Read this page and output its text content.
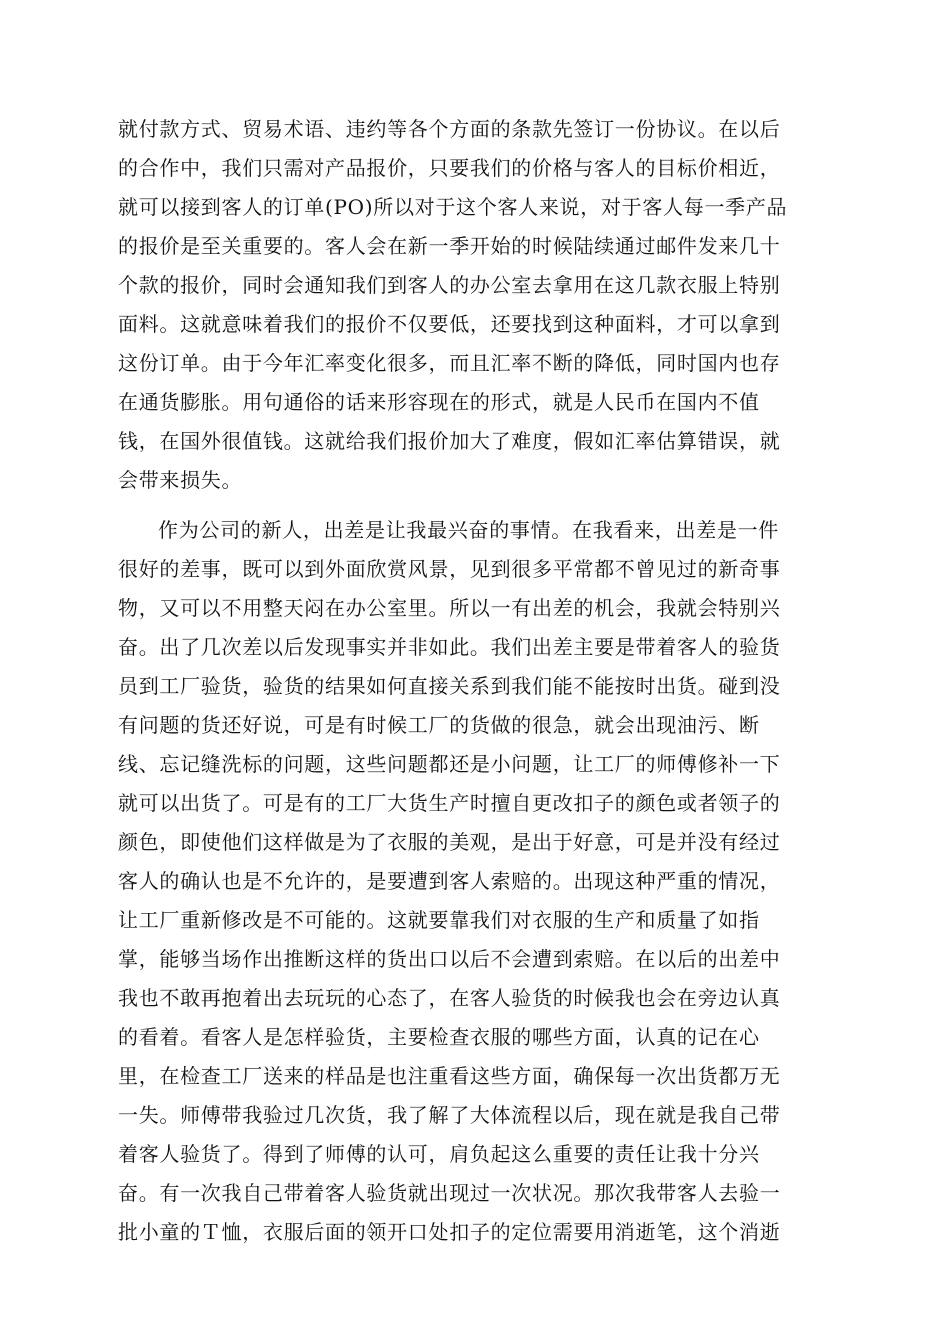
就付款方式、贸易术语、违约等各个方面的条款先签订一份协议。在以后
的合作中，我们只需对产品报价，只要我们的价格与客人的目标价相近，
就可以接到客人的订单(PO)所以对于这个客人来说，对于客人每一季产品
的报价是至关重要的。客人会在新一季开始的时候陆续通过邮件发来几十
个款的报价，同时会通知我们到客人的办公室去拿用在这几款衣服上特别
面料。这就意味着我们的报价不仅要低，还要找到这种面料，才可以拿到
这份订单。由于今年汇率变化很多，而且汇率不断的降低，同时国内也存
在通货膨胀。用句通俗的话来形容现在的形式，就是人民币在国内不值
钱，在国外很值钱。这就给我们报价加大了难度，假如汇率估算错误，就
会带来损失。
作为公司的新人，出差是让我最兴奋的事情。在我看来，出差是一件
很好的差事，既可以到外面欣赏风景，见到很多平常都不曾见过的新奇事
物，又可以不用整天闷在办公室里。所以一有出差的机会，我就会特别兴
奋。出了几次差以后发现事实并非如此。我们出差主要是带着客人的验货
员到工厂验货，验货的结果如何直接关系到我们能不能按时出货。碰到没
有问题的货还好说，可是有时候工厂的货做的很急，就会出现油污、断
线、忘记缝洗标的问题，这些问题都还是小问题，让工厂的师傅修补一下
就可以出货了。可是有的工厂大货生产时擅自更改扣子的颜色或者领子的
颜色，即使他们这样做是为了衣服的美观，是出于好意，可是并没有经过
客人的确认也是不允许的，是要遭到客人索赔的。出现这种严重的情况，
让工厂重新修改是不可能的。这就要靠我们对衣服的生产和质量了如指
掌，能够当场作出推断这样的货出口以后不会遭到索赔。在以后的出差中
我也不敢再抱着出去玩玩的心态了，在客人验货的时候我也会在旁边认真
的看着。看客人是怎样验货，主要检查衣服的哪些方面，认真的记在心
里，在检查工厂送来的样品是也注重看这些方面，确保每一次出货都万无
一失。师傅带我验过几次货，我了解了大体流程以后，现在就是我自己带
着客人验货了。得到了师傅的认可，肩负起这么重要的责任让我十分兴
奋。有一次我自己带着客人验货就出现过一次状况。那次我带客人去验一
批小童的Ｔ恤，衣服后面的领开口处扣子的定位需要用消逝笔，这个消逝
